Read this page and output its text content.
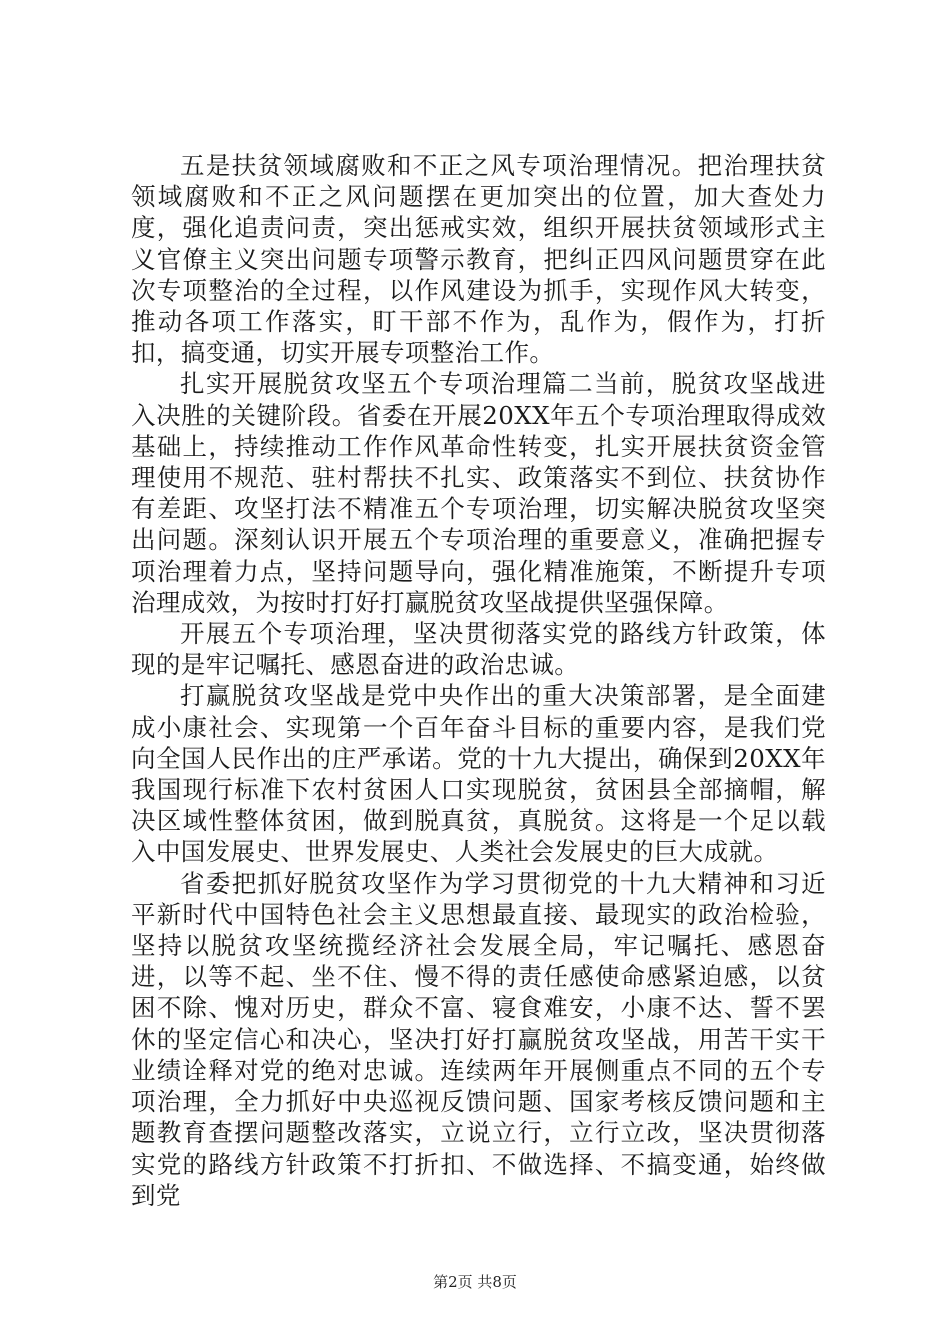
五是扶贫领域腐败和不正之风专项治理情况。把治理扶贫领域腐败和不正之风问题摆在更加突出的位置，加大查处力度，强化追责问责，突出惩戒实效，组织开展扶贫领域形式主义官僚主义突出问题专项警示教育，把纠正四风问题贯穿在此次专项整治的全过程，以作风建设为抓手，实现作风大转变，推动各项工作落实，盯干部不作为，乱作为，假作为，打折扣，搞变通，切实开展专项整治工作。

扎实开展脱贫攻坚五个专项治理篇二当前，脱贫攻坚战进入决胜的关键阶段。省委在开展20XX年五个专项治理取得成效基础上，持续推动工作作风革命性转变，扎实开展扶贫资金管理使用不规范、驻村帮扶不扎实、政策落实不到位、扶贫协作有差距、攻坚打法不精准五个专项治理，切实解决脱贫攻坚突出问题。深刻认识开展五个专项治理的重要意义，准确把握专项治理着力点，坚持问题导向，强化精准施策，不断提升专项治理成效，为按时打好打赢脱贫攻坚战提供坚强保障。

开展五个专项治理，坚决贯彻落实党的路线方针政策，体现的是牢记嘱托、感恩奋进的政治忠诚。

打赢脱贫攻坚战是党中央作出的重大决策部署，是全面建成小康社会、实现第一个百年奋斗目标的重要内容，是我们党向全国人民作出的庄严承诺。党的十九大提出，确保到20XX年我国现行标准下农村贫困人口实现脱贫，贫困县全部摘帽，解决区域性整体贫困，做到脱真贫，真脱贫。这将是一个足以载入中国发展史、世界发展史、人类社会发展史的巨大成就。

省委把抓好脱贫攻坚作为学习贯彻党的十九大精神和习近平新时代中国特色社会主义思想最直接、最现实的政治检验，坚持以脱贫攻坚统揽经济社会发展全局，牢记嘱托、感恩奋进，以等不起、坐不住、慢不得的责任感使命感紧迫感，以贫困不除、愧对历史，群众不富、寝食难安，小康不达、誓不罢休的坚定信心和决心，坚决打好打赢脱贫攻坚战，用苦干实干业绩诠释对党的绝对忠诚。连续两年开展侧重点不同的五个专项治理，全力抓好中央巡视反馈问题、国家考核反馈问题和主题教育查摆问题整改落实，立说立行，立行立改，坚决贯彻落实党的路线方针政策不打折扣、不做选择、不搞变通，始终做到党

第2页 共8页
